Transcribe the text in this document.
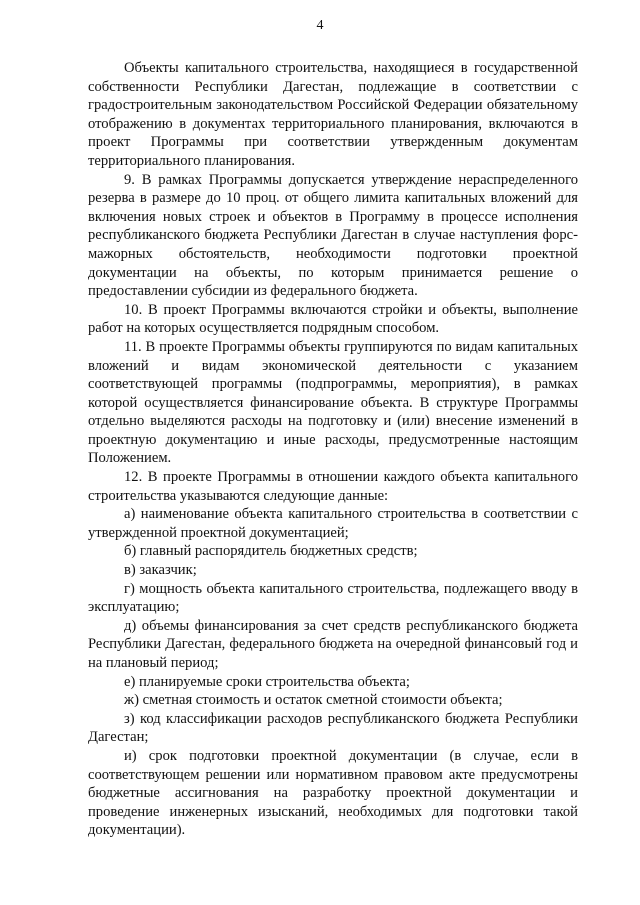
4

Объекты капитального строительства, находящиеся в государственной собственности Республики Дагестан, подлежащие в соответствии с градостроительным законодательством Российской Федерации обязательному отображению в документах территориального планирования, включаются в проект Программы при соответствии утвержденным документам территориального планирования.

9. В рамках Программы допускается утверждение нераспределенного резерва в размере до 10 проц. от общего лимита капитальных вложений для включения новых строек и объектов в Программу в процессе исполнения республиканского бюджета Республики Дагестан в случае наступления форс-мажорных обстоятельств, необходимости подготовки проектной документации на объекты, по которым принимается решение о предоставлении субсидии из федерального бюджета.

10. В проект Программы включаются стройки и объекты, выполнение работ на которых осуществляется подрядным способом.

11. В проекте Программы объекты группируются по видам капитальных вложений и видам экономической деятельности с указанием соответствующей программы (подпрограммы, мероприятия), в рамках которой осуществляется финансирование объекта. В структуре Программы отдельно выделяются расходы на подготовку и (или) внесение изменений в проектную документацию и иные расходы, предусмотренные настоящим Положением.

12. В проекте Программы в отношении каждого объекта капитального строительства указываются следующие данные:

а) наименование объекта капитального строительства в соответствии с утвержденной проектной документацией;

б) главный распорядитель бюджетных средств;

в) заказчик;

г) мощность объекта капитального строительства, подлежащего вводу в эксплуатацию;

д) объемы финансирования за счет средств республиканского бюджета Республики Дагестан, федерального бюджета на очередной финансовый год и на плановый период;

е) планируемые сроки строительства объекта;

ж) сметная стоимость и остаток сметной стоимости объекта;

з) код классификации расходов республиканского бюджета Республики Дагестан;

и) срок подготовки проектной документации (в случае, если в соответствующем решении или нормативном правовом акте предусмотрены бюджетные ассигнования на разработку проектной документации и проведение инженерных изысканий, необходимых для подготовки такой документации).
